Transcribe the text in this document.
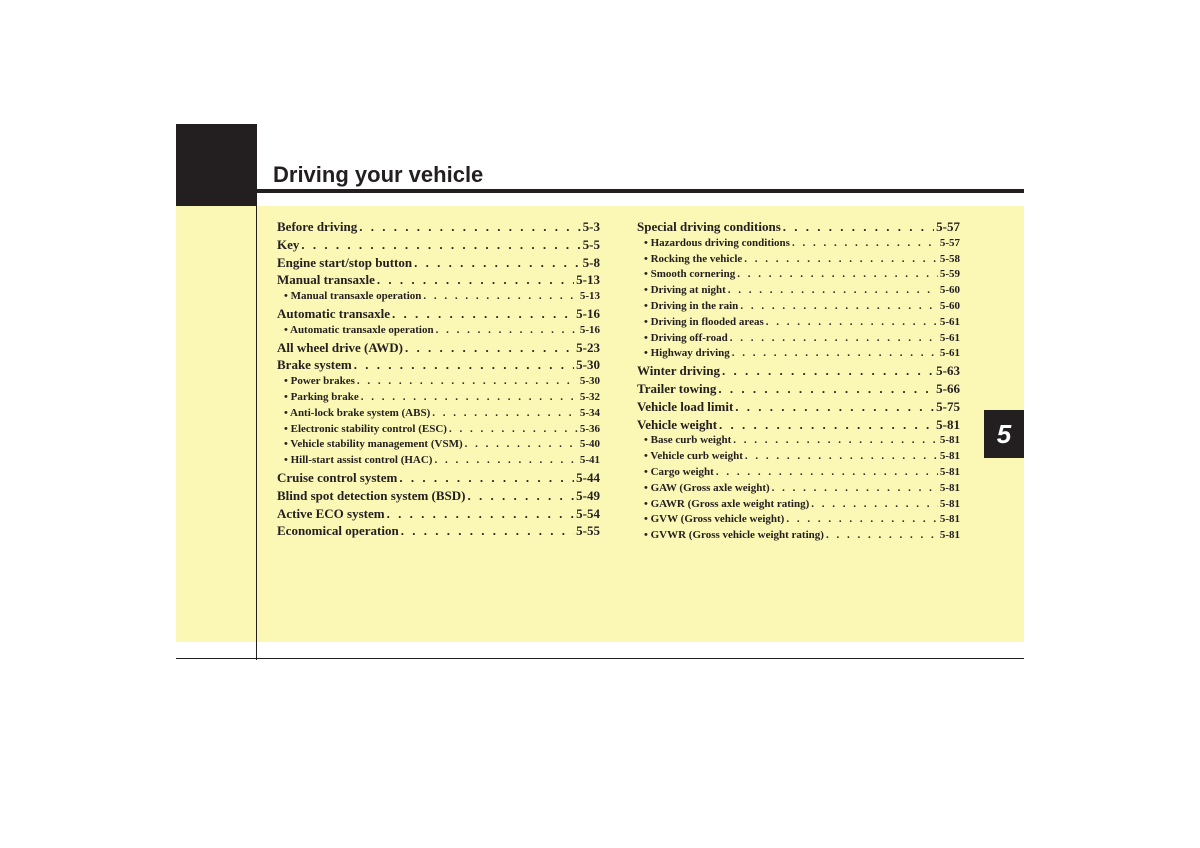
Driving your vehicle
5
Before driving . . .	5-3
Key . . .	5-5
Engine start/stop button . . .	5-8
Manual transaxle . . .	5-13
• Manual transaxle operation . . .	5-13
Automatic transaxle . . .	5-16
• Automatic transaxle operation . . .	5-16
All wheel drive (AWD) . . .	5-23
Brake system . . .	5-30
• Power brakes . . .	5-30
• Parking brake . . .	5-32
• Anti-lock brake system (ABS) . . .	5-34
• Electronic stability control (ESC) . . .	5-36
• Vehicle stability management (VSM) . . .	5-40
• Hill-start assist control (HAC) . . .	5-41
Cruise control system . . .	5-44
Blind spot detection system (BSD) . . .	5-49
Active ECO system . . .	5-54
Economical operation . . .	5-55
Special driving conditions . . .	5-57
• Hazardous driving conditions . . .	5-57
• Rocking the vehicle . . .	5-58
• Smooth cornering . . .	5-59
• Driving at night . . .	5-60
• Driving in the rain . . .	5-60
• Driving in flooded areas . . .	5-61
• Driving off-road . . .	5-61
• Highway driving . . .	5-61
Winter driving . . .	5-63
Trailer towing . . .	5-66
Vehicle load limit . . .	5-75
Vehicle weight . . .	5-81
• Base curb weight . . .	5-81
• Vehicle curb weight . . .	5-81
• Cargo weight . . .	5-81
• GAW (Gross axle weight) . . .	5-81
• GAWR (Gross axle weight rating) . . .	5-81
• GVW (Gross vehicle weight) . . .	5-81
• GVWR (Gross vehicle weight rating) . . .	5-81
